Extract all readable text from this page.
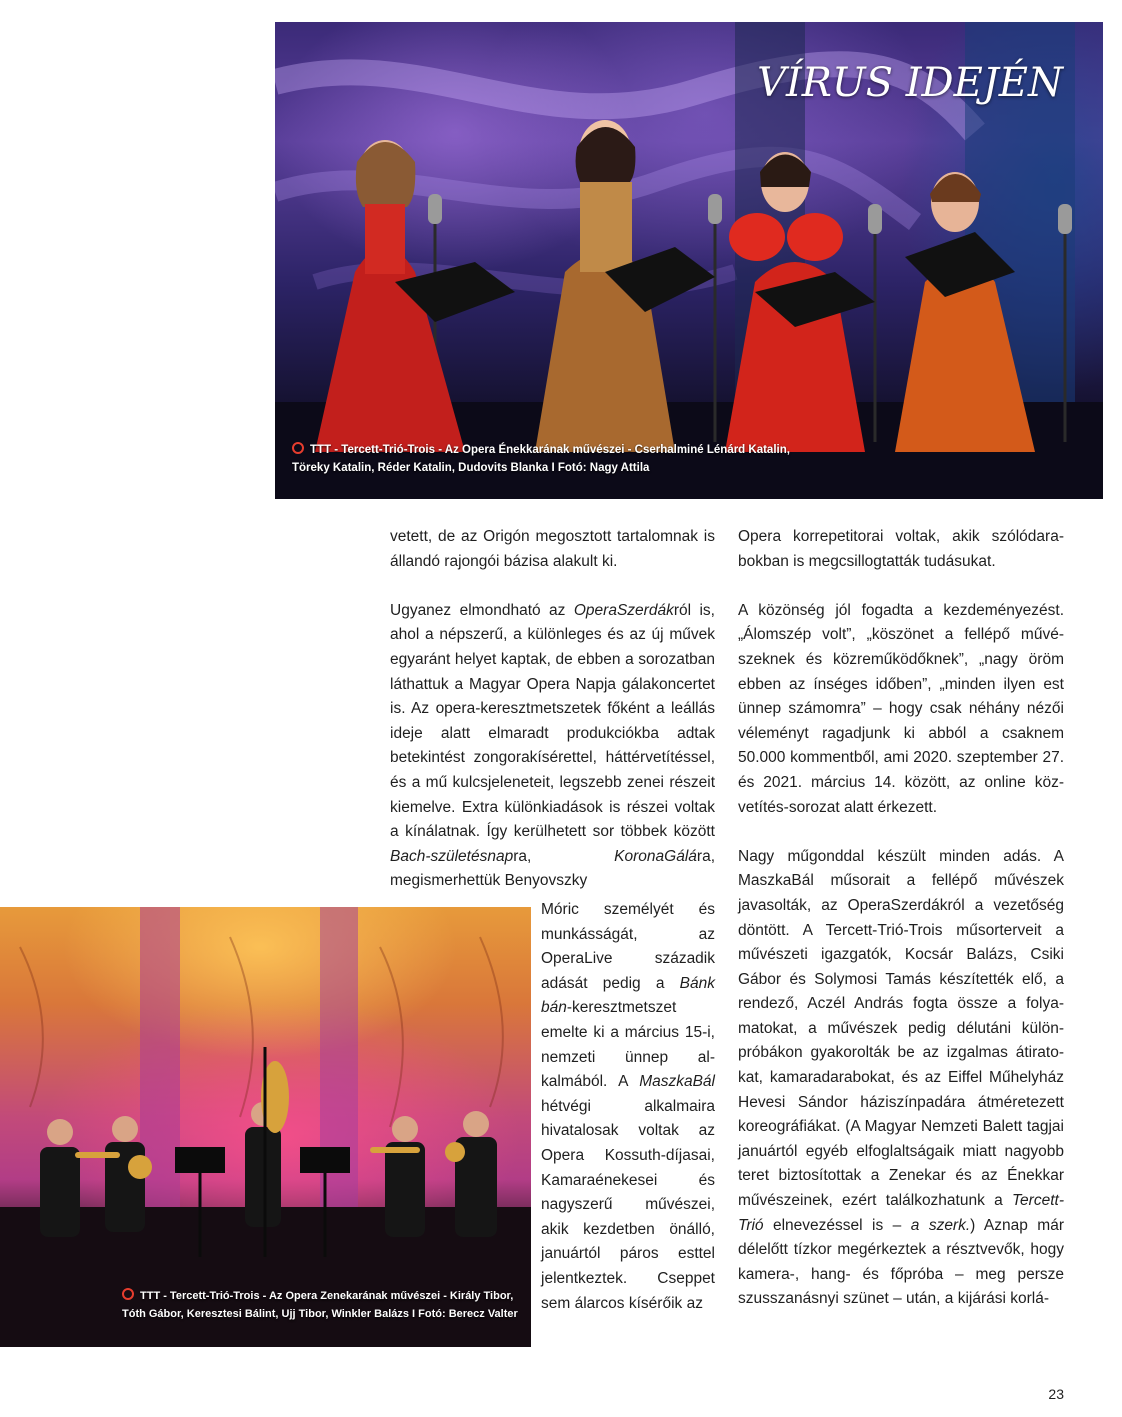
VÍRUS IDEJÉN
TTT - Tercett-Trió-Trois - Az Opera Énekkarának művészei - Cserhalminé Lénárd Katalin,
Töreky Katalin, Réder Katalin, Dudovits Blanka I Fotó: Nagy Attila
TTT - Tercett-Trió-Trois - Az Opera Zenekarának művészei - Király Tibor,
Tóth Gábor, Keresztesi Bálint, Ujj Tibor, Winkler Balázs I Fotó: Berecz Valter

vetett, de az Origón megosztott tartalomnak is állandó rajongói bázisa alakult ki.

Ugyanez elmondható az OperaSzerdákról is, ahol a népszerű, a különleges és az új művek egyaránt helyet kaptak, de ebben a sorozatban láthattuk a Magyar Opera Napja gálakoncertet is. Az opera-keresztmetszetek főként a leállás ideje alatt elmaradt produkciókba adtak betekintést zongorakísérettel, háttérvetítéssel, és a mű kulcsjeleneteit, legszebb zenei részeit kiemelve. Extra különkiadások is részei voltak a kínálatnak. Így kerülhetett sor többek között Bach-születésnapra, KoronaGálára, megismerhettük Benyovszky

Móric személyét és munkásságát, az OperaLive századik adását pedig a Bánk bán-keresztmetszet emelte ki a március 15-i, nemzeti ünnep alkalmából. A MaszkaBál hétvégi alkalmaira hivatalosak voltak az Opera Kossuth-díjasai, Kamaraénekesei és nagyszerű művészei, akik kezdetben önálló, januártól páros esttel jelentkeztek. Cseppet sem álarcos kísérőik az

Opera korrepetitorai voltak, akik szólódarabokban is megcsillogtatták tudásukat.

A közönség jól fogadta a kezdeményezést. „Álomszép volt”, „köszönet a fellépő művészeknek és közreműködőknek”, „nagy öröm ebben az ínséges időben”, „minden ilyen est ünnep számomra” – hogy csak néhány nézői véleményt ragadjunk ki abból a csaknem 50.000 kommentből, ami 2020. szeptember 27. és 2021. március 14. között, az online közvetítés-sorozat alatt érkezett.

Nagy műgonddal készült minden adás. A MaszkaBál műsorait a fellépő művészek javasolták, az OperaSzerdákról a vezetőség döntött. A Tercett-Trió-Trois műsorterveit a művészeti igazgatók, Kocsár Balázs, Csiki Gábor és Solymosi Tamás készítették elő, a rendező, Aczél András fogta össze a folyamatokat, a művészek pedig délutáni különpróbákon gyakorolták be az izgalmas átiratokat, kamaradarabokat, és az Eiffel Műhelyház Hevesi Sándor háziszínpadára átméretezett koreográfiákat. (A Magyar Nemzeti Balett tagjai januártól egyéb elfoglaltságaik miatt nagyobb teret biztosítottak a Zenekar és az Énekkar művészeinek, ezért találkozhatunk a Tercett-Trió elnevezéssel is – a szerk.) Aznap már délelőtt tízkor megérkeztek a résztvevők, hogy kamera-, hang- és főpróba – meg persze szusszanásnyi szünet – után, a kijárási korlá-

23
